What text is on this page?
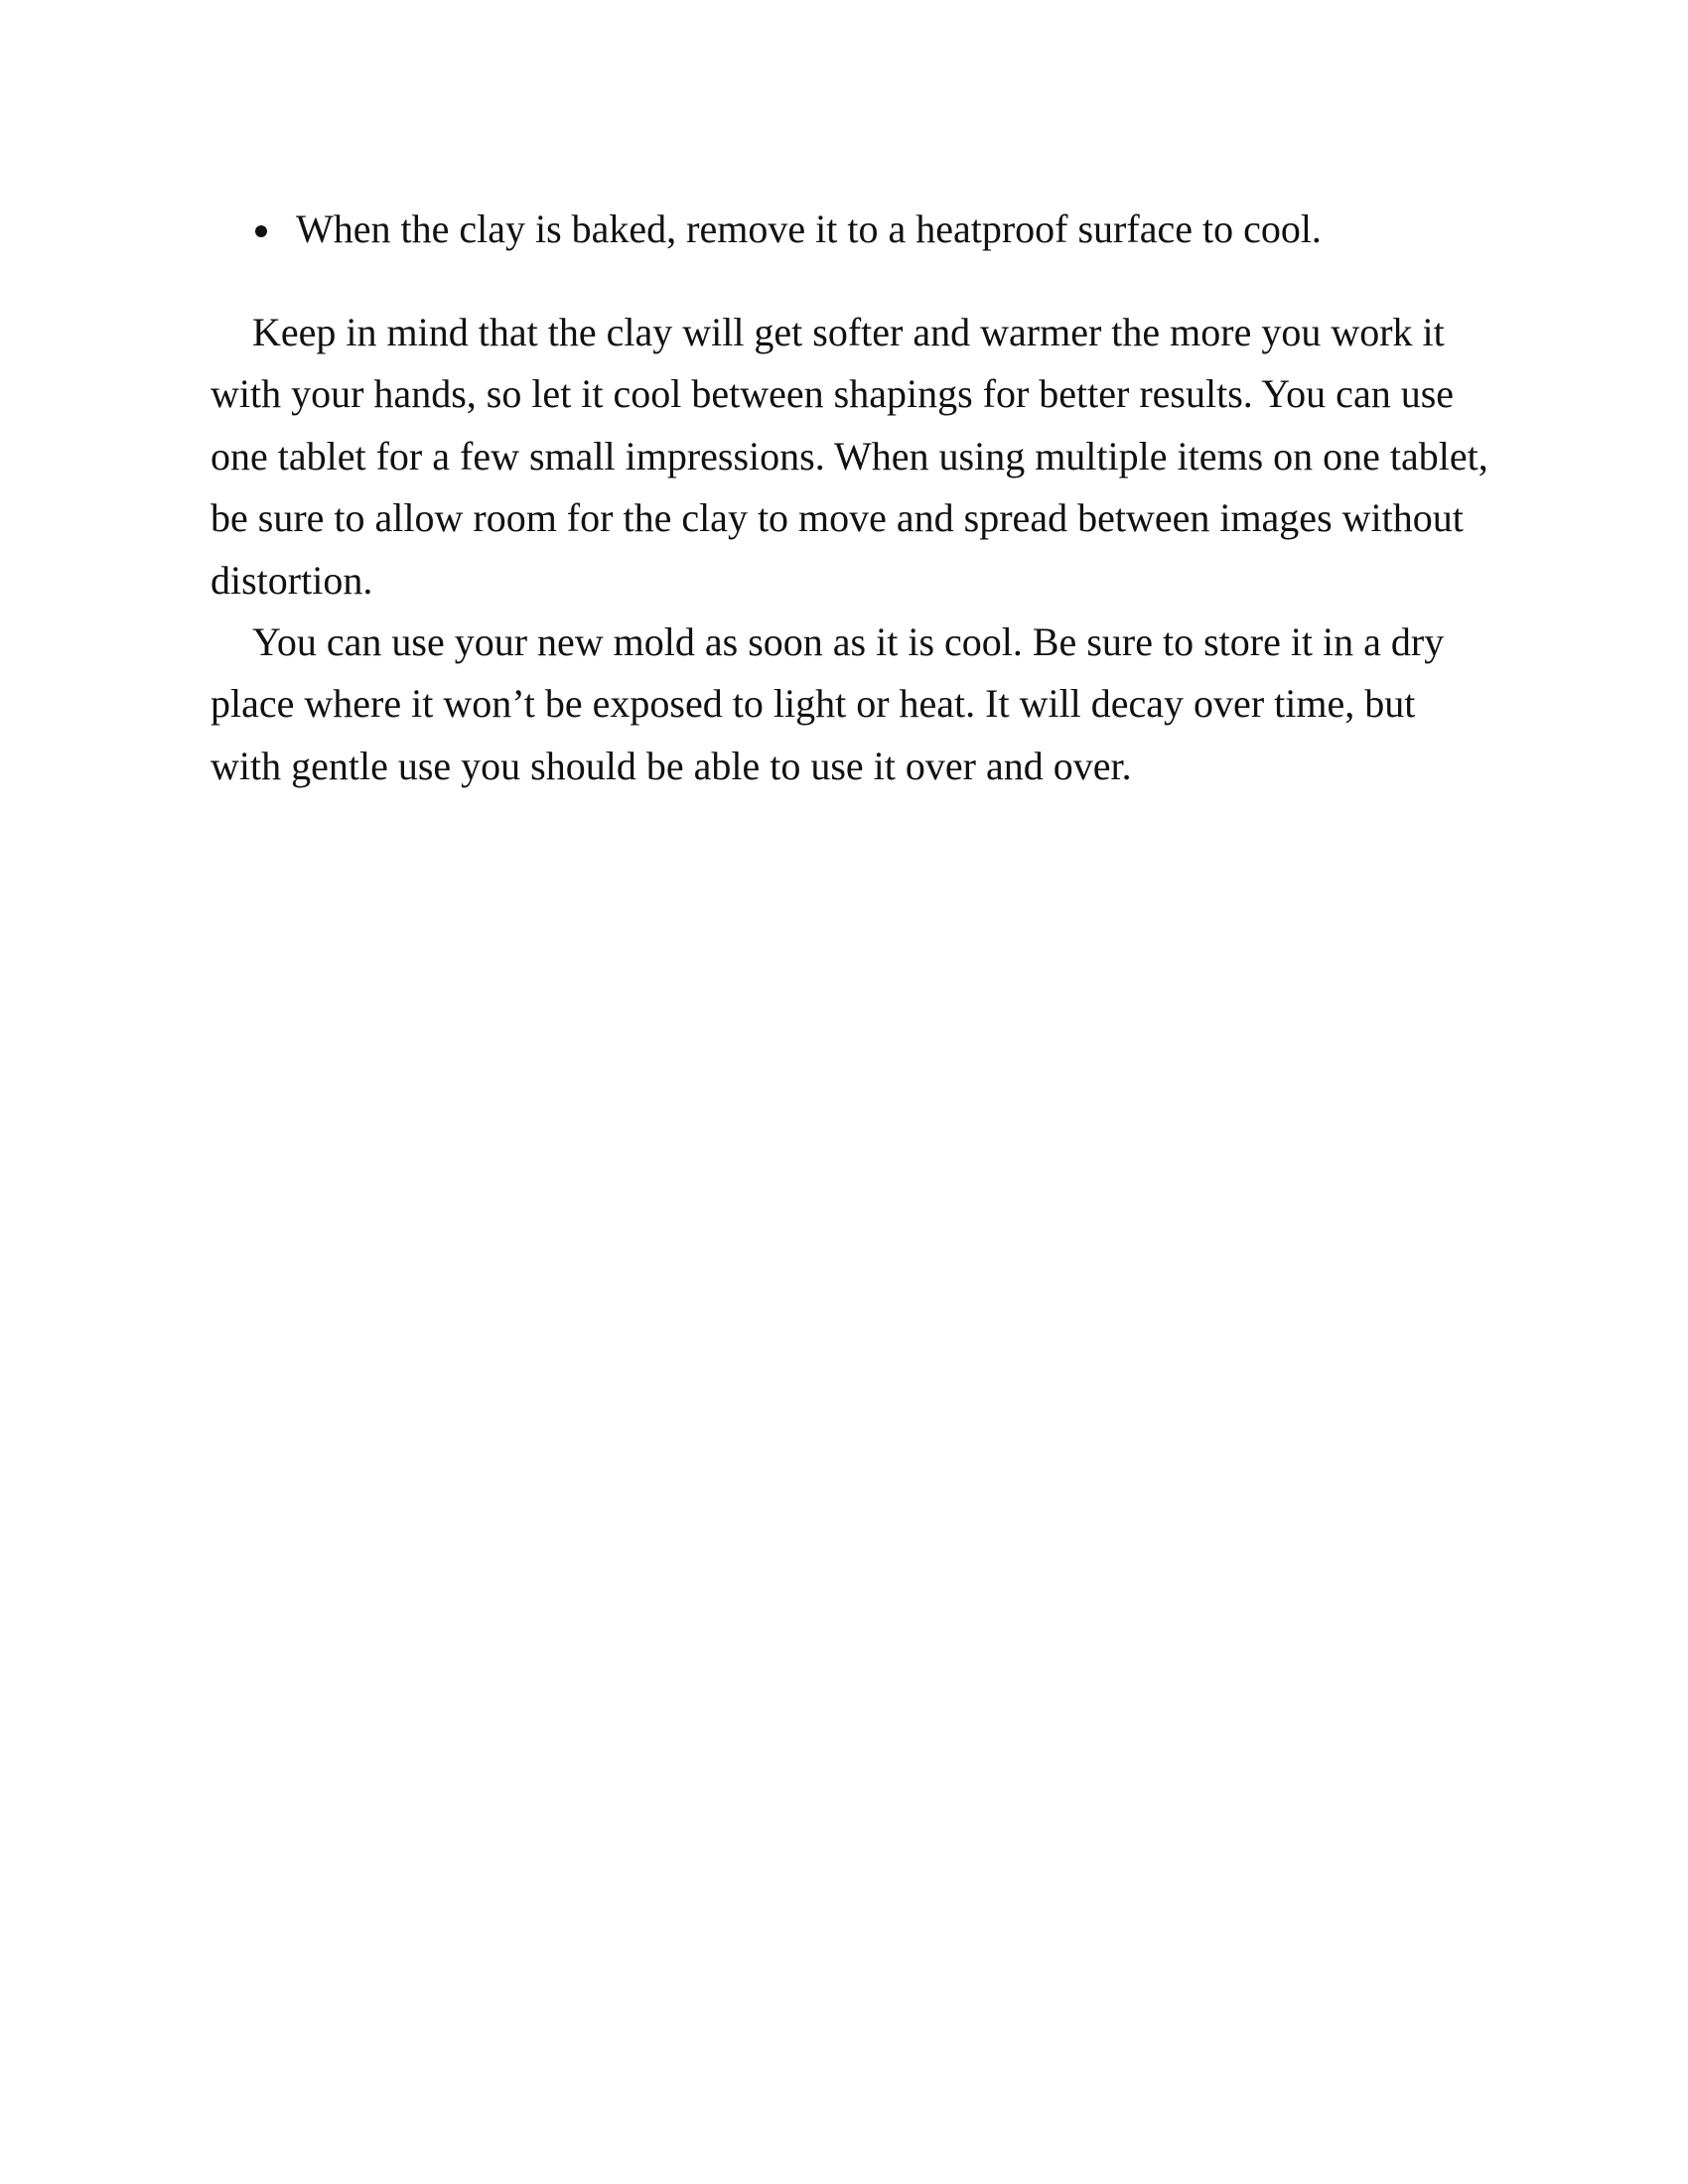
When the clay is baked, remove it to a heatproof surface to cool.

Keep in mind that the clay will get softer and warmer the more you work it with your hands, so let it cool between shapings for better results. You can use one tablet for a few small impressions. When using multiple items on one tablet, be sure to allow room for the clay to move and spread between images without distortion.

You can use your new mold as soon as it is cool. Be sure to store it in a dry place where it won’t be exposed to light or heat. It will decay over time, but with gentle use you should be able to use it over and over.
